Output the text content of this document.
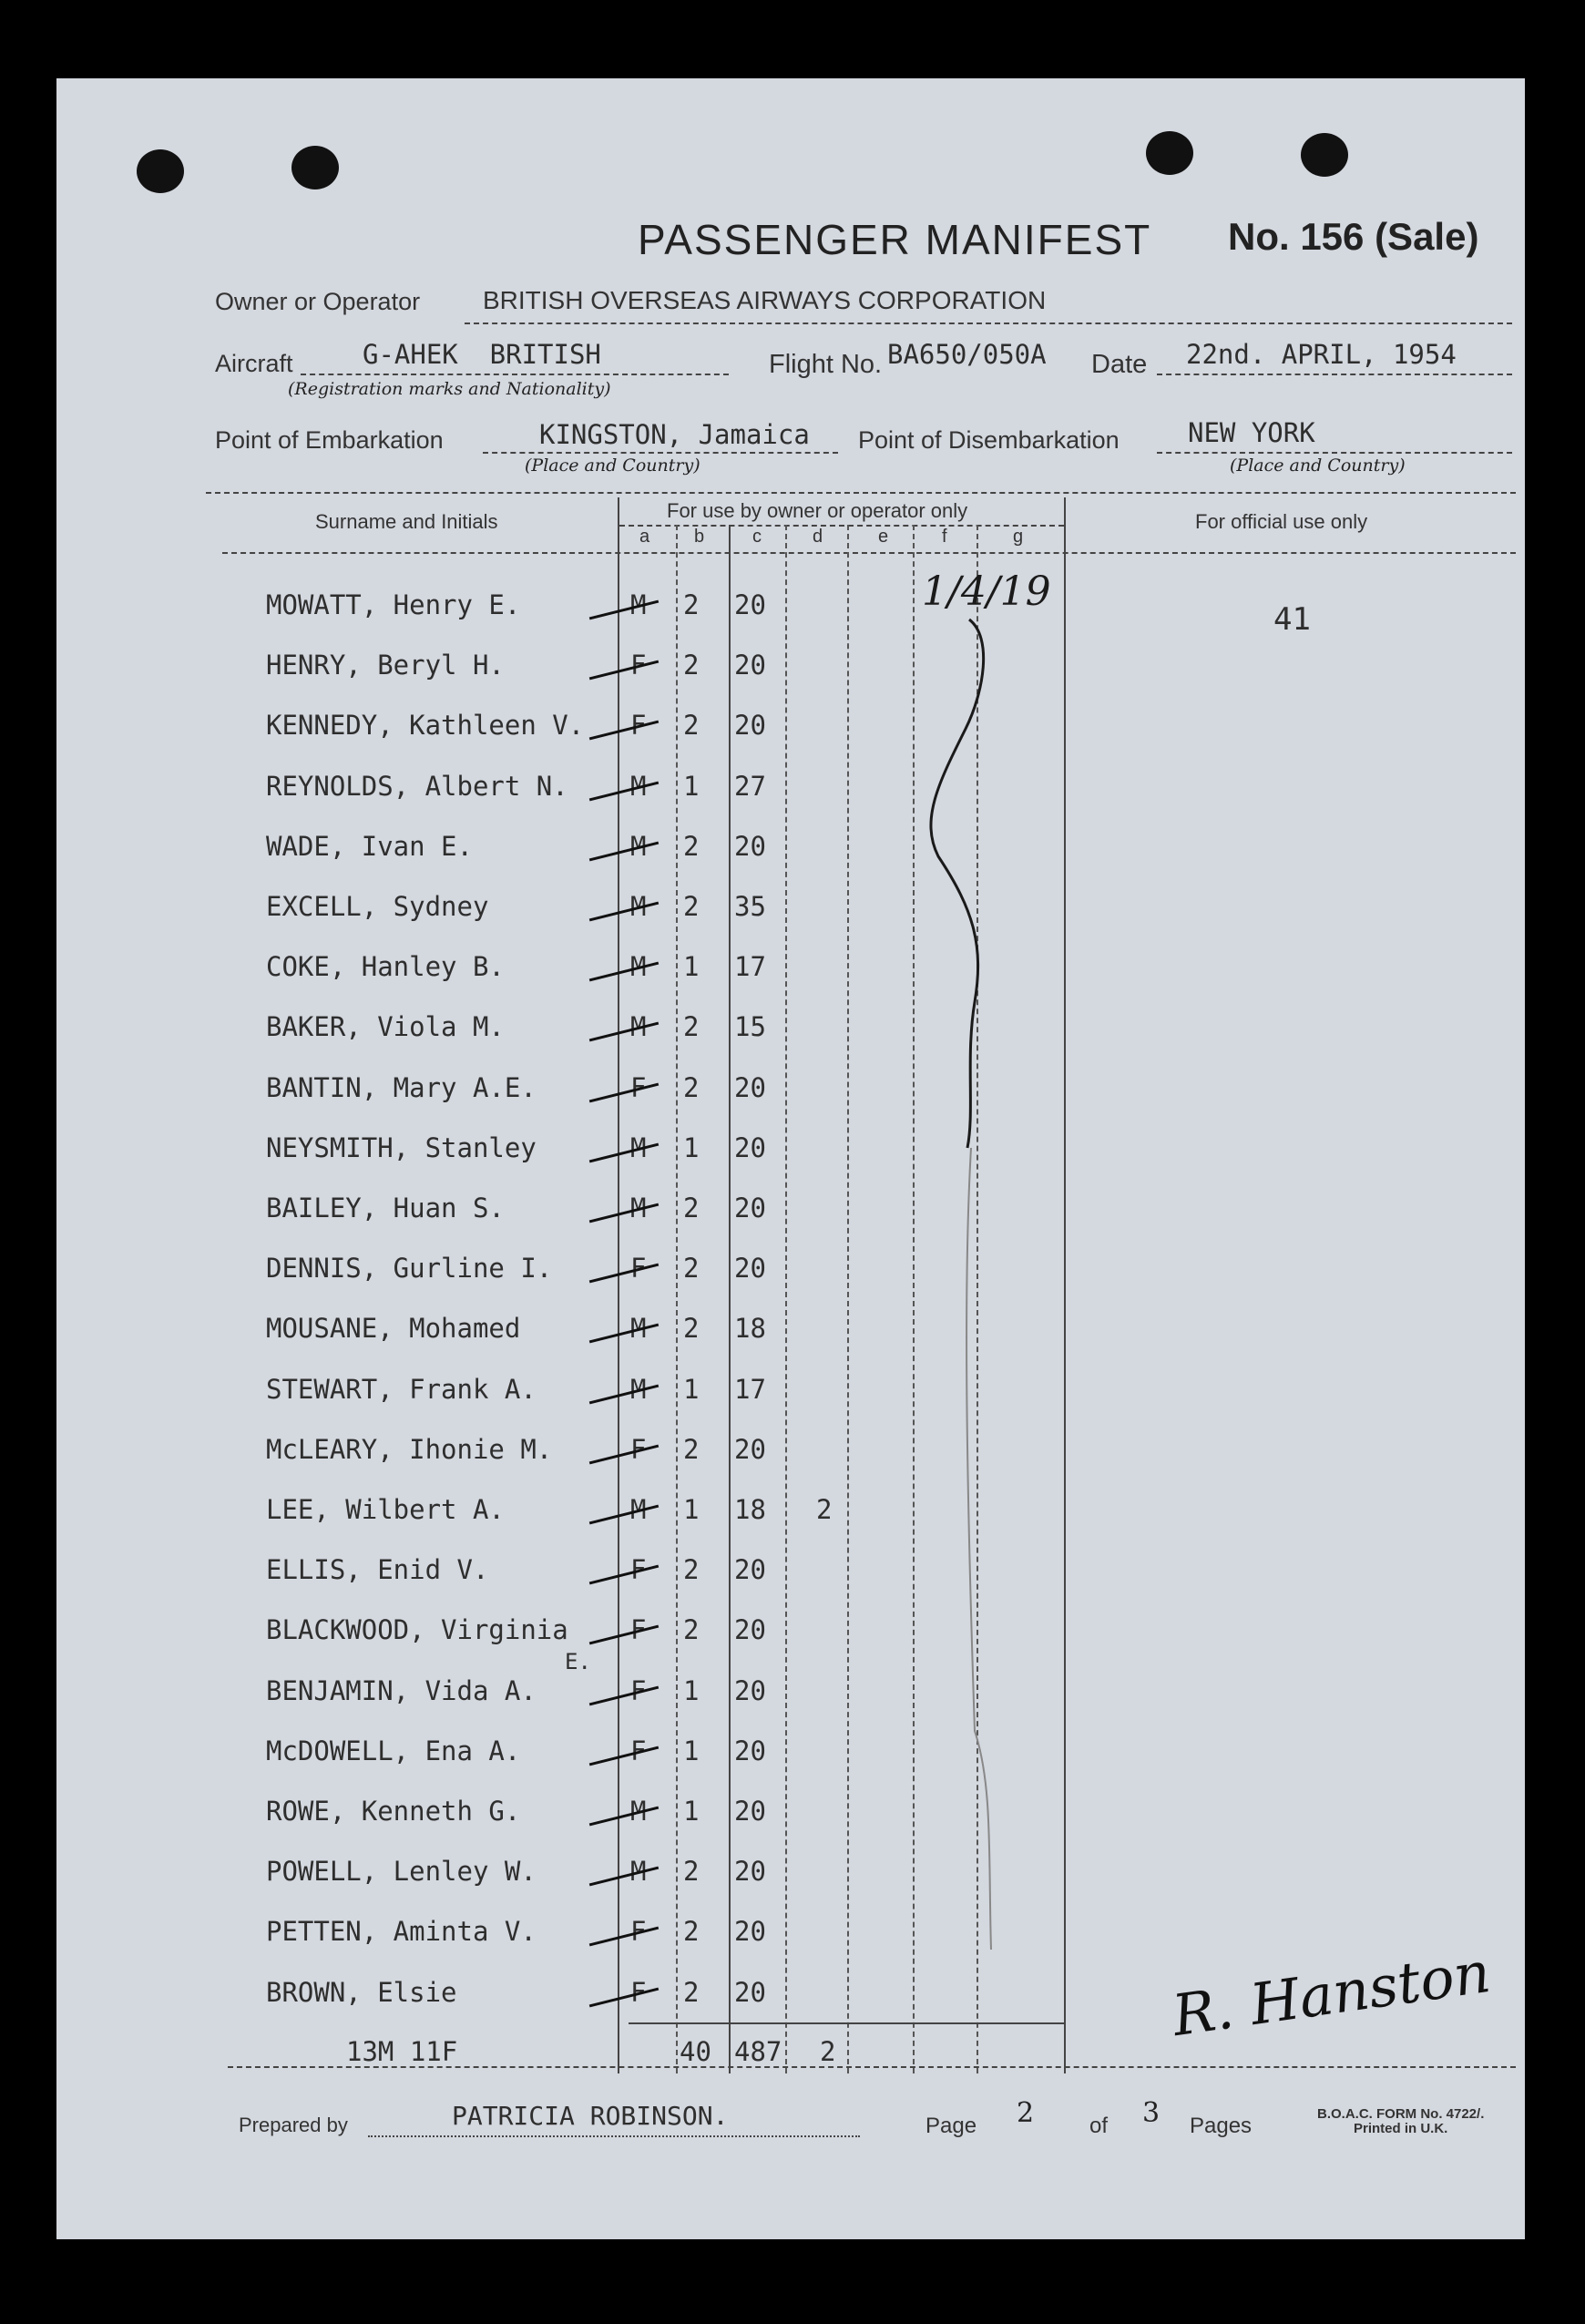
PASSENGER MANIFEST No. 156 (Sale)
Owner or Operator BRITISH OVERSEAS AIRWAYS CORPORATION
Aircraft	G-AHEK  BRITISH
(Registration marks and Nationality)
Flight No. BA650/050A Date 22nd. APRIL, 1954
Point of Embarkation	KINGSTON, Jamaica
(Place and Country)
Point of Disembarkation	NEW YORK
(Place and Country)
Surname and Initials	For use by owner or operator only	For official use only
a b	c	d	e	f	g
41
MOWATT, Henry E.	M 2 20
HENRY, Beryl H.	F 2 20
KENNEDY, Kathleen V. F 2 20
REYNOLDS, Albert N. M 1 27
WADE, Ivan E.	M 2 20
EXCELL, Sydney	M 2 35
COKE, Hanley B.	M 1 17
BAKER, Viola M.	M 2 15
BANTIN, Mary A.E.	F 2 20
NEYSMITH, Stanley	M 1 20
BAILEY, Huan S.	M 2 20
DENNIS, Gurline I.	F 2 20
MOUSANE, Mohamed	M 2 18
STEWART, Frank A.	M 1 17
McLEARY, Ihonie M.	F 2 20
LEE, Wilbert A.	M 1 18 2
ELLIS, Enid V.	F 2 20
BLACKWOOD, Virginia F 2 20
BENJAMIN, Vida A.	F 1 20
McDOWELL, Ena A.	F 1 20
ROWE, Kenneth G.	M 1 20
POWELL, Lenley W.	M 2 20
PETTEN, Aminta V.	F 2 20
BROWN, Elsie	F 2 20
E.
13M 11F	40 487 2
1/4/19
R. Hanston
Prepared by	PATRICIA ROBINSON.	Page 2	of 3 Pages	B.O.A.C. FORM No. 4722/.
Printed in U.K.
